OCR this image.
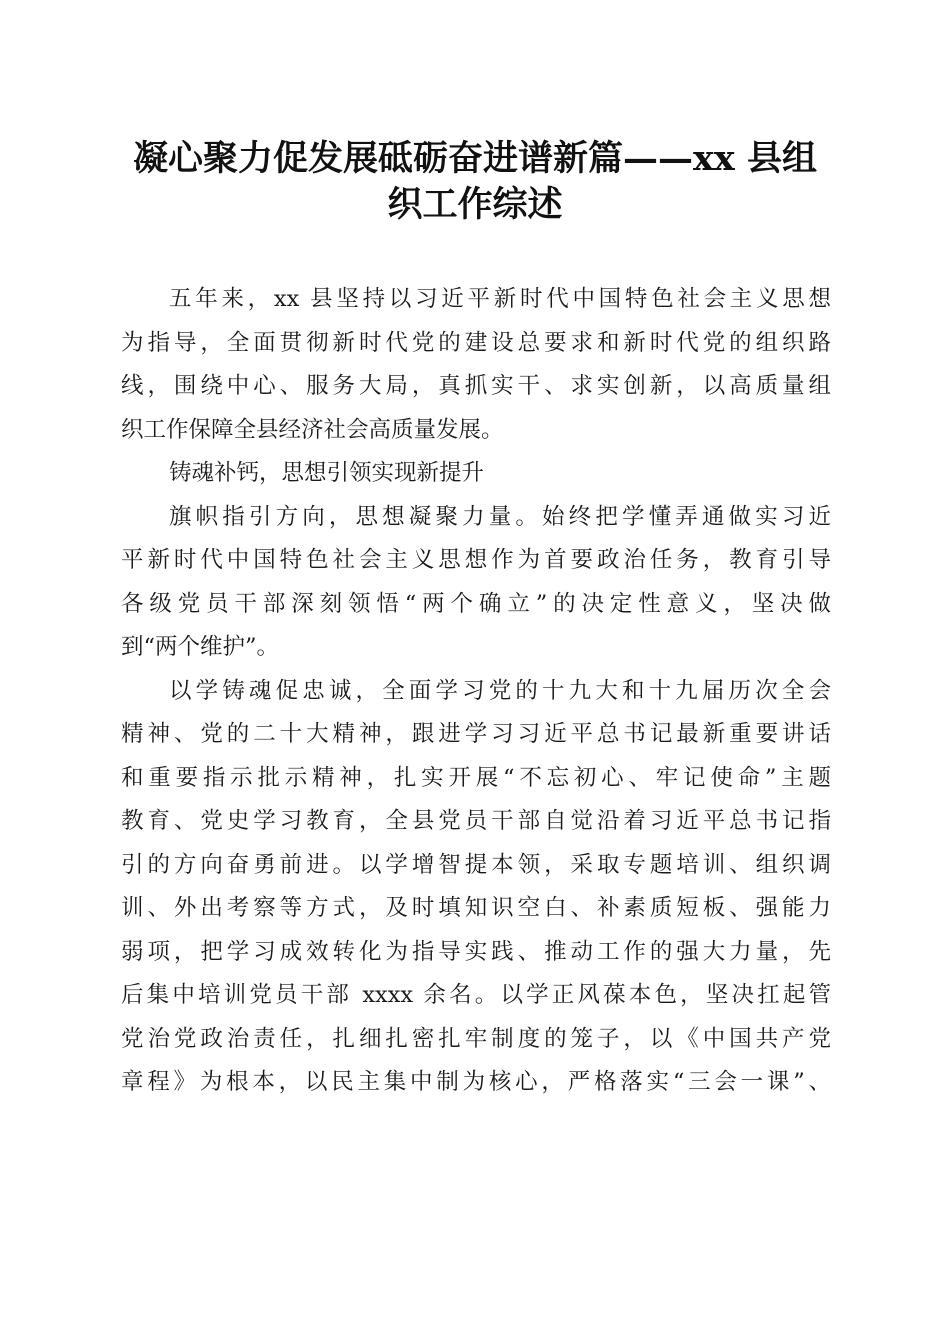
凝心聚力促发展砥砺奋进谱新篇——xx 县组
织工作综述
五年来，xx 县坚持以习近平新时代中国特色社会主义思想
为指导，全面贯彻新时代党的建设总要求和新时代党的组织路
线，围绕中心、服务大局，真抓实干、求实创新，以高质量组
织工作保障全县经济社会高质量发展。
铸魂补钙，思想引领实现新提升
旗帜指引方向，思想凝聚力量。始终把学懂弄通做实习近
平新时代中国特色社会主义思想作为首要政治任务，教育引导
各级党员干部深刻领悟“两个确立”的决定性意义，坚决做
到“两个维护”。
以学铸魂促忠诚，全面学习党的十九大和十九届历次全会
精神、党的二十大精神，跟进学习习近平总书记最新重要讲话
和重要指示批示精神，扎实开展“不忘初心、牢记使命”主题
教育、党史学习教育，全县党员干部自觉沿着习近平总书记指
引的方向奋勇前进。以学增智提本领，采取专题培训、组织调
训、外出考察等方式，及时填知识空白、补素质短板、强能力
弱项，把学习成效转化为指导实践、推动工作的强大力量，先
后集中培训党员干部 xxxx 余名。以学正风葆本色，坚决扛起管
党治党政治责任，扎细扎密扎牢制度的笼子，以《中国共产党
章程》为根本，以民主集中制为核心，严格落实“三会一课”、
